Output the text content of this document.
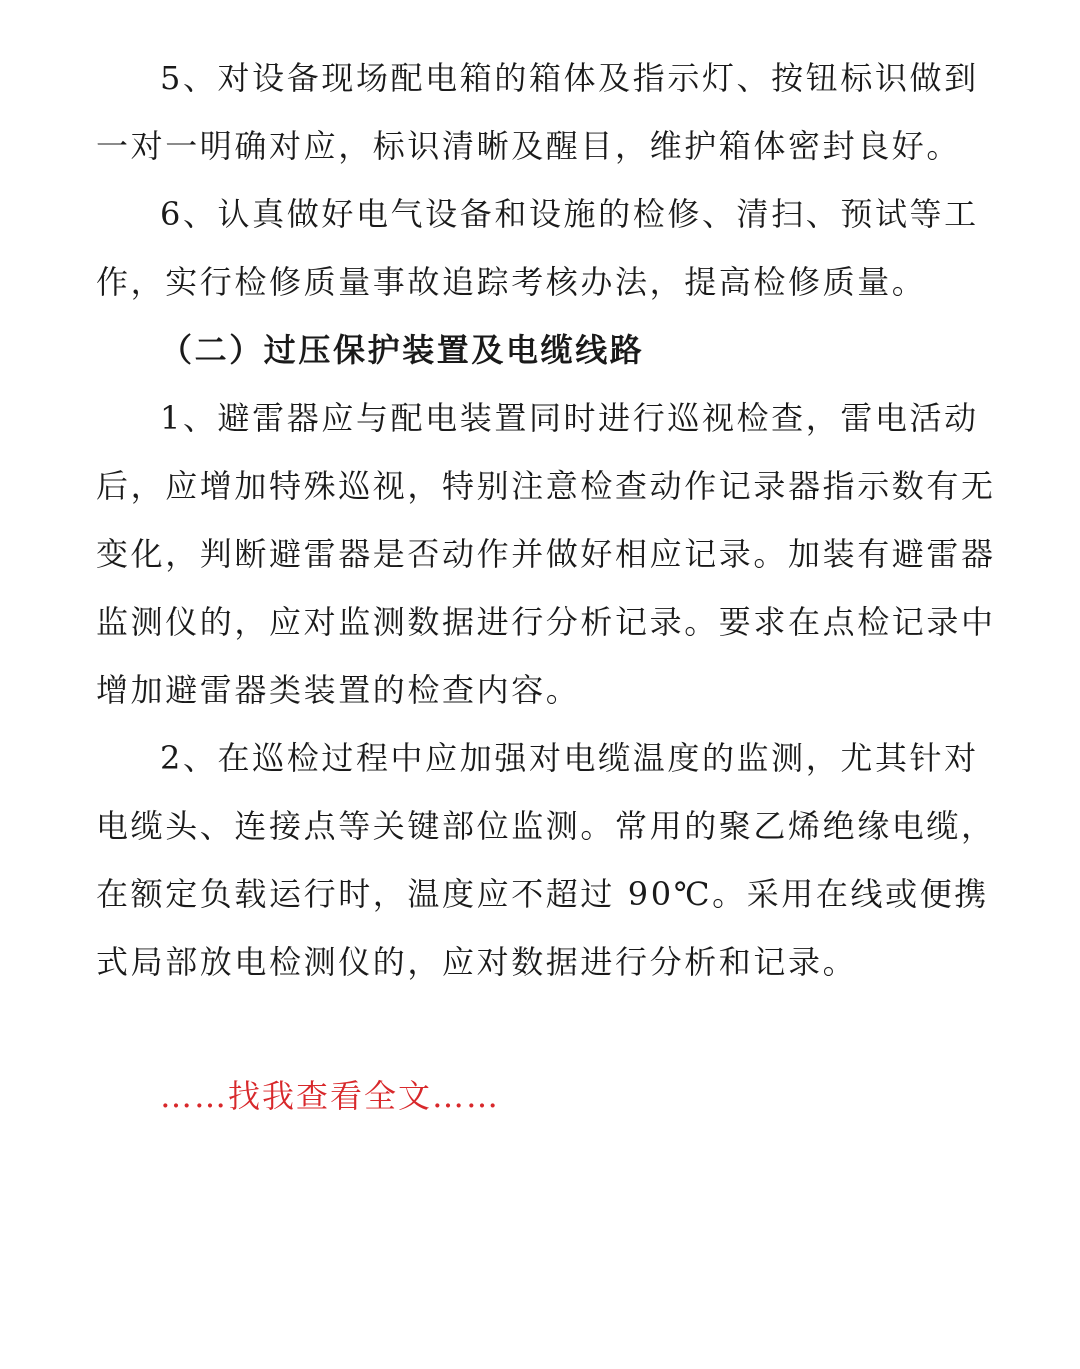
5、对设备现场配电箱的箱体及指示灯、按钮标识做到一对一明确对应，标识清晰及醒目，维护箱体密封良好。

6、认真做好电气设备和设施的检修、清扫、预试等工作，实行检修质量事故追踪考核办法，提高检修质量。

（二）过压保护装置及电缆线路

1、避雷器应与配电装置同时进行巡视检查，雷电活动后，应增加特殊巡视，特别注意检查动作记录器指示数有无变化，判断避雷器是否动作并做好相应记录。加装有避雷器监测仪的，应对监测数据进行分析记录。要求在点检记录中增加避雷器类装置的检查内容。

2、在巡检过程中应加强对电缆温度的监测，尤其针对电缆头、连接点等关键部位监测。常用的聚乙烯绝缘电缆，在额定负载运行时，温度应不超过 90℃。采用在线或便携式局部放电检测仪的，应对数据进行分析和记录。

……找我查看全文……
